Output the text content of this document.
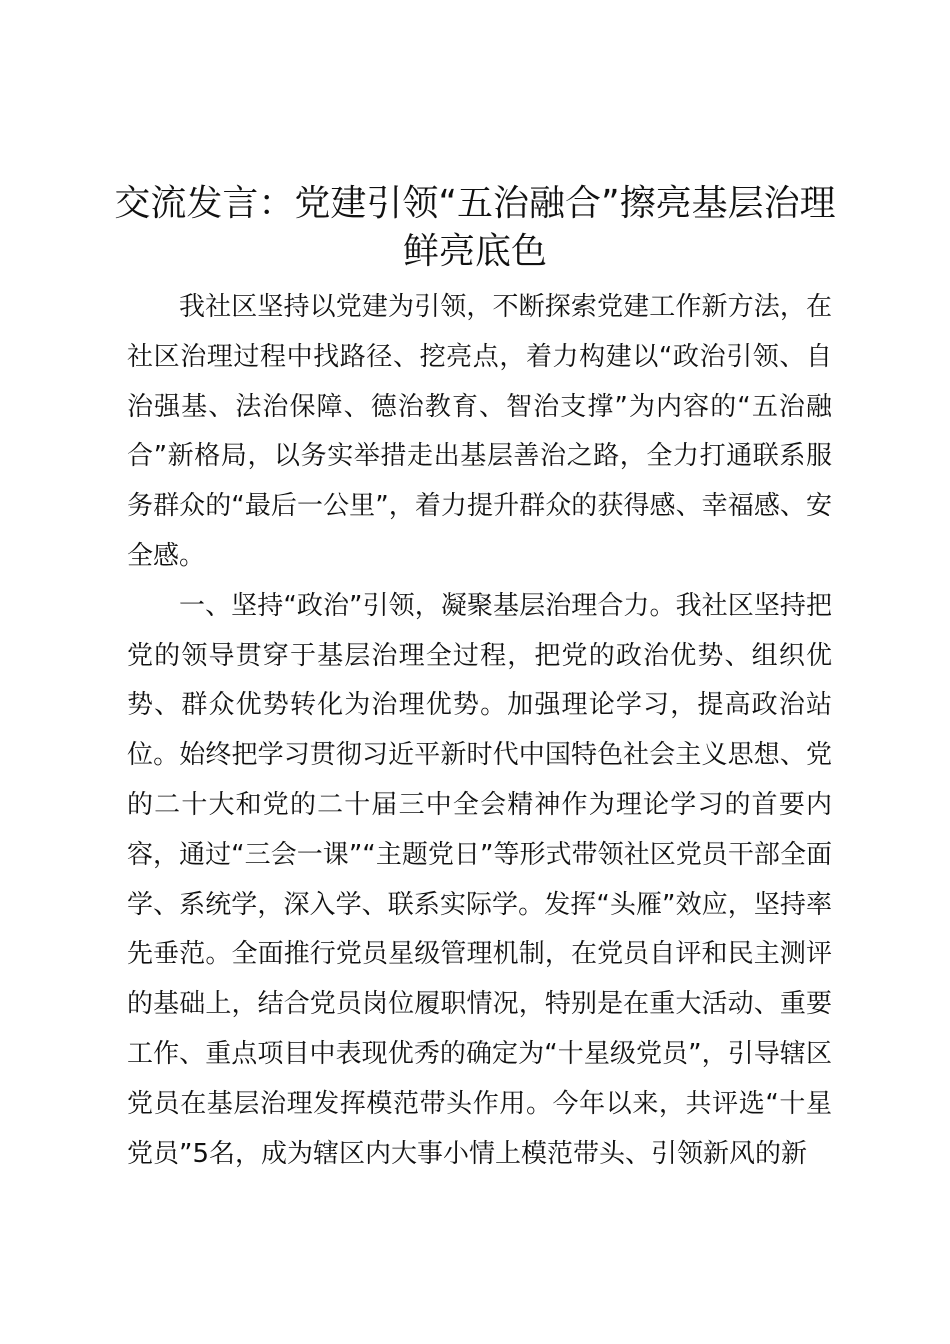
交流发言：党建引领“五治融合”擦亮基层治理鲜亮底色

我社区坚持以党建为引领，不断探索党建工作新方法，在社区治理过程中找路径、挖亮点，着力构建以“政治引领、自治强基、法治保障、德治教育、智治支撑”为内容的“五治融合”新格局，以务实举措走出基层善治之路，全力打通联系服务群众的“最后一公里”，着力提升群众的获得感、幸福感、安全感。

一、坚持“政治”引领，凝聚基层治理合力。我社区坚持把党的领导贯穿于基层治理全过程，把党的政治优势、组织优势、群众优势转化为治理优势。加强理论学习，提高政治站位。始终把学习贯彻习近平新时代中国特色社会主义思想、党的二十大和党的二十届三中全会精神作为理论学习的首要内容，通过“三会一课”“主题党日”等形式带领社区党员干部全面学、系统学，深入学、联系实际学。发挥“头雁”效应，坚持率先垂范。全面推行党员星级管理机制，在党员自评和民主测评的基础上，结合党员岗位履职情况，特别是在重大活动、重要工作、重点项目中表现优秀的确定为“十星级党员”，引导辖区党员在基层治理发挥模范带头作用。今年以来，共评选“十星党员”5名，成为辖区内大事小情上模范带头、引领新风的新
